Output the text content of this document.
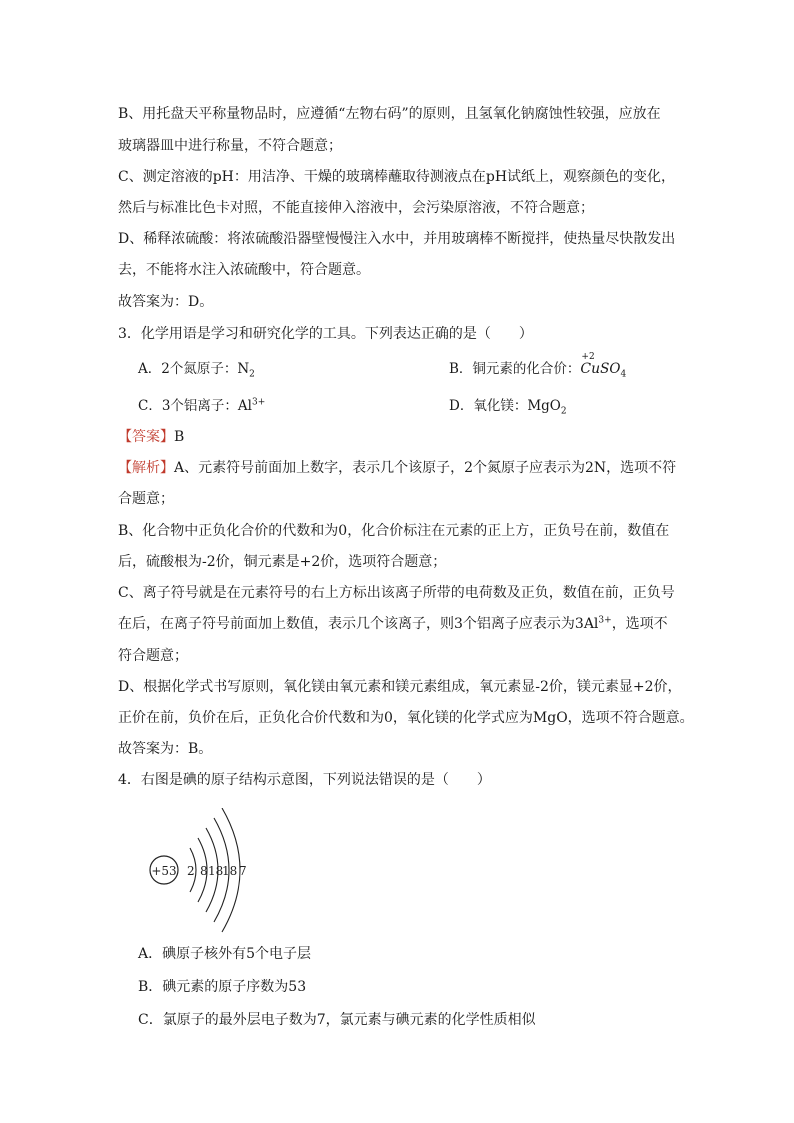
B、用托盘天平称量物品时，应遵循“左物右码”的原则，且氢氧化钠腐蚀性较强，应放在
玻璃器皿中进行称量，不符合题意；
C、测定溶液的pH：用洁净、干燥的玻璃棒蘸取待测液点在pH试纸上，观察颜色的变化，
然后与标准比色卡对照，不能直接伸入溶液中，会污染原溶液，不符合题意；
D、稀释浓硫酸：将浓硫酸沿器壁慢慢注入水中，并用玻璃棒不断搅拌，使热量尽快散发出
去，不能将水注入浓硫酸中，符合题意。
故答案为：D。
3．化学用语是学习和研究化学的工具。下列表达正确的是（　　）
A．2个氮原子：$N_2$	B．铜元素的化合价：
+2
CuSO$_4$
C．3个铝离子：$Al^{3+}$	D．氧化镁：MgO$_2$
【答案】B
【解析】A、元素符号前面加上数字，表示几个该原子，2个氮原子应表示为2N，选项不符
合题意；
B、化合物中正负化合价的代数和为0，化合价标注在元素的正上方，正负号在前，数值在
后，硫酸根为-2价，铜元素是+2价，选项符合题意；
C、离子符号就是在元素符号的右上方标出该离子所带的电荷数及正负，数值在前，正负号
在后，在离子符号前面加上数值，表示几个该离子，则3个铝离子应表示为$3Al^{3+}$，选项不
符合题意；
D、根据化学式书写原则，氧化镁由氧元素和镁元素组成，氧元素显-2价，镁元素显+2价，
正价在前，负价在后，正负化合价代数和为0，氧化镁的化学式应为MgO，选项不符合题意。
故答案为：B。
4．右图是碘的原子结构示意图，下列说法错误的是（　　）
+53 2 8 18
18 7
A．碘原子核外有5个电子层
B．碘元素的原子序数为53
C．氯原子的最外层电子数为7，氯元素与碘元素的化学性质相似
